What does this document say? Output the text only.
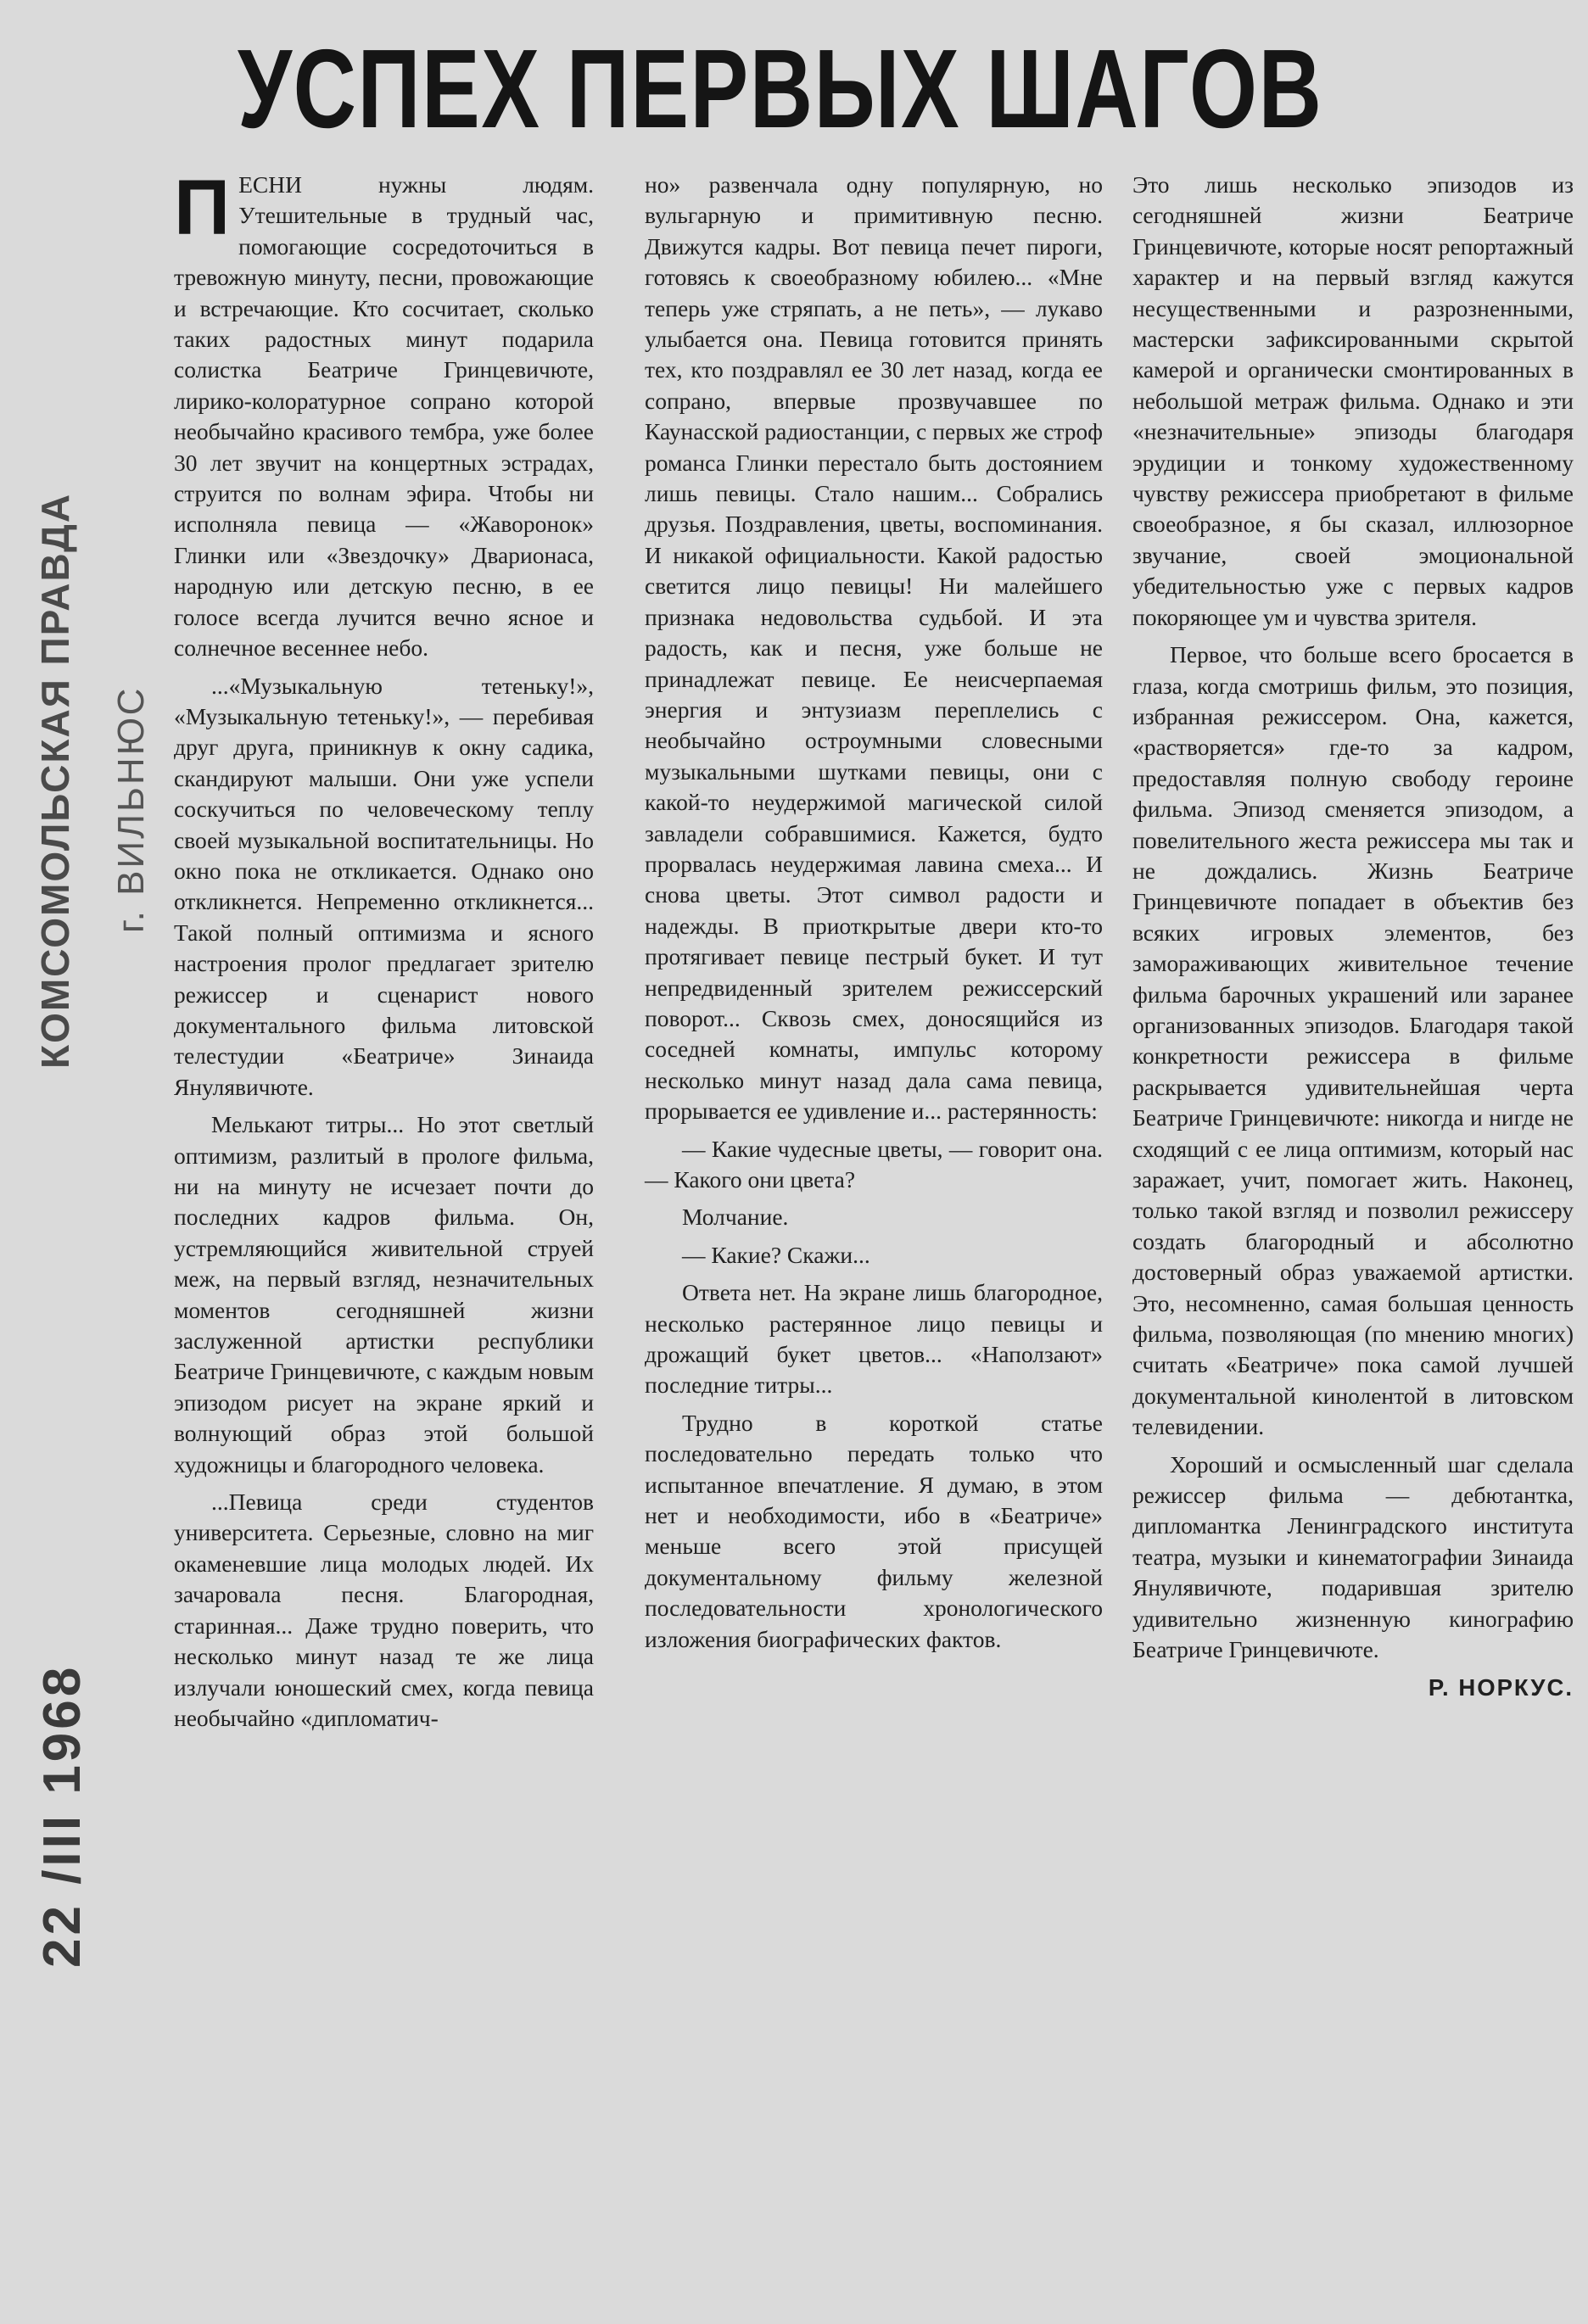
УСПЕХ ПЕРВЫХ ШАГОВ
КОМСОМОЛЬСКАЯ ПРАВДА г. ВИЛЬНЮС
22 /III 1968

ПЕСНИ нужны людям. Утешительные в трудный час, помогающие сосредоточиться в тревожную минуту, песни, провожающие и встречающие. Кто сосчитает, сколько таких радостных минут подарила солистка Беатриче Гринцевичюте, лирико-колоратурное сопрано которой необычайно красивого тембра, уже более 30 лет звучит на концертных эстрадах, струится по волнам эфира. Чтобы ни исполняла певица — «Жаворонок» Глинки или «Звездочку» Дварионаса, народную или детскую песню, в ее голосе всегда лучится вечно ясное и солнечное весеннее небо.

...«Музыкальную тетеньку!», «Музыкальную тетеньку!», — перебивая друг друга, приникнув к окну садика, скандируют малыши. Они уже успели соскучиться по человеческому теплу своей музыкальной воспитательницы. Но окно пока не откликается. Однако оно откликнется. Непременно откликнется... Такой полный оптимизма и ясного настроения пролог предлагает зрителю режиссер и сценарист нового документального фильма литовской телестудии «Беатриче» Зинаида Янулявичюте.

Мелькают титры... Но этот светлый оптимизм, разлитый в прологе фильма, ни на минуту не исчезает почти до последних кадров фильма. Он, устремляющийся живительной струей меж, на первый взгляд, незначительных моментов сегодняшней жизни заслуженной артистки республики Беатриче Гринцевичюте, с каждым новым эпизодом рисует на экране яркий и волнующий образ этой большой художницы и благородного человека.

...Певица среди студентов университета. Серьезные, словно на миг окаменевшие лица молодых людей. Их зачаровала песня. Благородная, старинная... Даже трудно поверить, что несколько минут назад те же лица излучали юношеский смех, когда певица необычайно «дипломатич-

но» развенчала одну популярную, но вульгарную и примитивную песню. Движутся кадры. Вот певица печет пироги, готовясь к своеобразному юбилею... «Мне теперь уже стряпать, а не петь», — лукаво улыбается она. Певица готовится принять тех, кто поздравлял ее 30 лет назад, когда ее сопрано, впервые прозвучавшее по Каунасской радиостанции, с первых же строф романса Глинки перестало быть достоянием лишь певицы. Стало нашим... Собрались друзья. Поздравления, цветы, воспоминания. И никакой официальности. Какой радостью светится лицо певицы! Ни малейшего признака недовольства судьбой. И эта радость, как и песня, уже больше не принадлежат певице. Ее неисчерпаемая энергия и энтузиазм переплелись с необычайно остроумными словесными музыкальными шутками певицы, они с какой-то неудержимой магической силой завладели собравшимися. Кажется, будто прорвалась неудержимая лавина смеха... И снова цветы. Этот символ радости и надежды. В приоткрытые двери кто-то протягивает певице пестрый букет. И тут непредвиденный зрителем режиссерский поворот... Сквозь смех, доносящийся из соседней комнаты, импульс которому несколько минут назад дала сама певица, прорывается ее удивление и... растерянность:

— Какие чудесные цветы, — говорит она. — Какого они цвета?

Молчание.

— Какие? Скажи...

Ответа нет. На экране лишь благородное, несколько растерянное лицо певицы и дрожащий букет цветов... «Наползают» последние титры...

Трудно в короткой статье последовательно передать только что испытанное впечатление. Я думаю, в этом нет и необходимости, ибо в «Беатриче» меньше всего этой присущей документальному фильму железной последовательности хронологического изложения биографических фактов.

Это лишь несколько эпизодов из сегодняшней жизни Беатриче Гринцевичюте, которые носят репортажный характер и на первый взгляд кажутся несущественными и разрозненными, мастерски зафиксированными скрытой камерой и органически смонтированных в небольшой метраж фильма. Однако и эти «незначительные» эпизоды благодаря эрудиции и тонкому художественному чувству режиссера приобретают в фильме своеобразное, я бы сказал, иллюзорное звучание, своей эмоциональной убедительностью уже с первых кадров покоряющее ум и чувства зрителя.

Первое, что больше всего бросается в глаза, когда смотришь фильм, это позиция, избранная режиссером. Она, кажется, «растворяется» где-то за кадром, предоставляя полную свободу героине фильма. Эпизод сменяется эпизодом, а повелительного жеста режиссера мы так и не дождались. Жизнь Беатриче Гринцевичюте попадает в объектив без всяких игровых элементов, без замораживающих живительное течение фильма барочных украшений или заранее организованных эпизодов. Благодаря такой конкретности режиссера в фильме раскрывается удивительнейшая черта Беатриче Гринцевичюте: никогда и нигде не сходящий с ее лица оптимизм, который нас заражает, учит, помогает жить. Наконец, только такой взгляд и позволил режиссеру создать благородный и абсолютно достоверный образ уважаемой артистки. Это, несомненно, самая большая ценность фильма, позволяющая (по мнению многих) считать «Беатриче» пока самой лучшей документальной кинолентой в литовском телевидении.

Хороший и осмысленный шаг сделала режиссер фильма — дебютантка, дипломантка Ленинградского института театра, музыки и кинематографии Зинаида Янулявичюте, подарившая зрителю удивительно жизненную кинографию Беатриче Гринцевичюте.

Р. НОРКУС.
